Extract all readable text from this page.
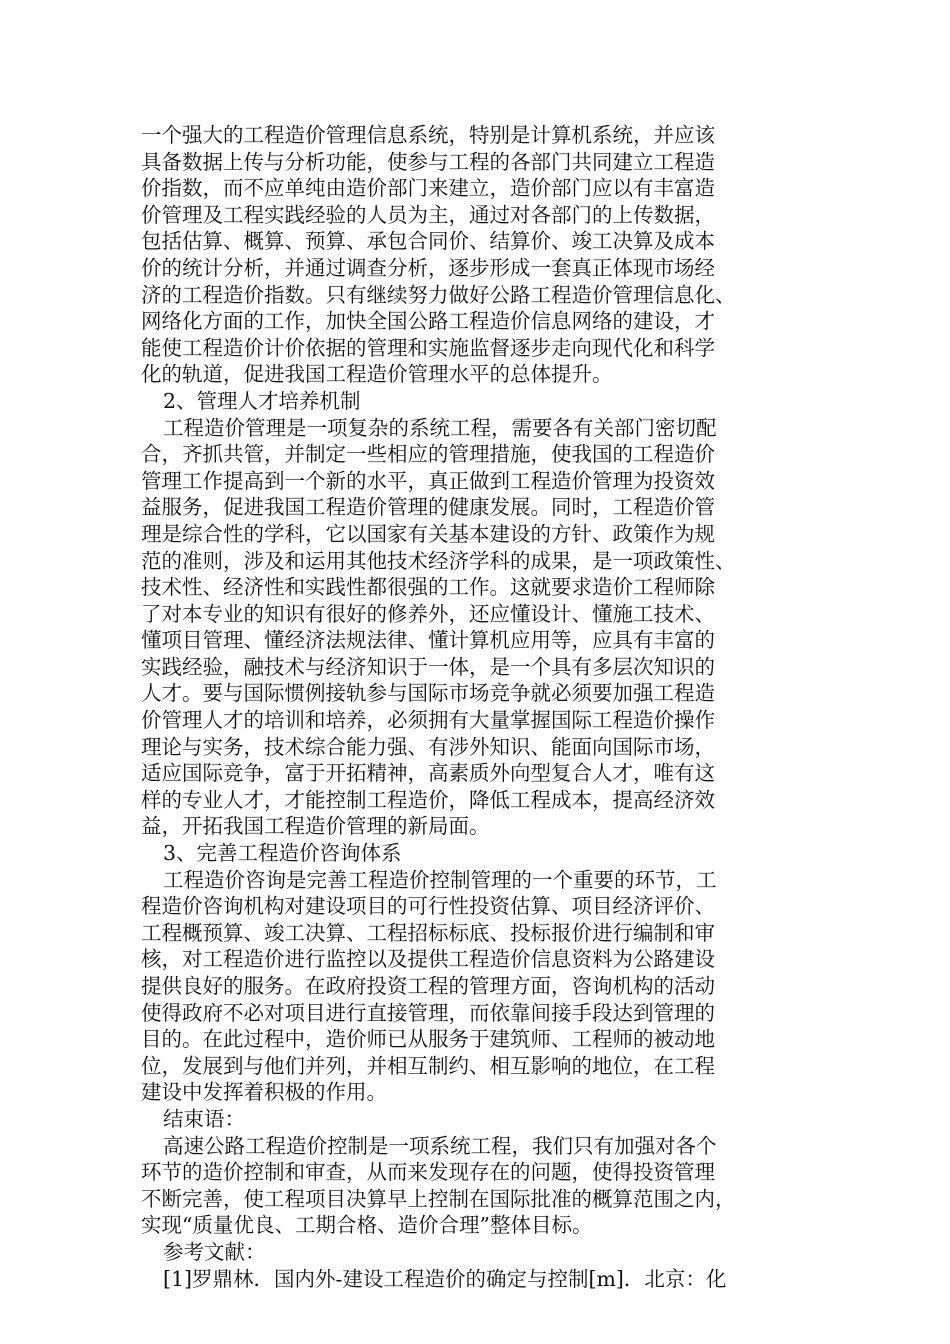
一个强大的工程造价管理信息系统，特别是计算机系统，并应该
具备数据上传与分析功能，使参与工程的各部门共同建立工程造
价指数，而不应单纯由造价部门来建立，造价部门应以有丰富造
价管理及工程实践经验的人员为主，通过对各部门的上传数据，
包括估算、概算、预算、承包合同价、结算价、竣工决算及成本
价的统计分析，并通过调查分析，逐步形成一套真正体现市场经
济的工程造价指数。只有继续努力做好公路工程造价管理信息化、
网络化方面的工作，加快全国公路工程造价信息网络的建设，才
能使工程造价计价依据的管理和实施监督逐步走向现代化和科学
化的轨道，促进我国工程造价管理水平的总体提升。
2、管理人才培养机制
工程造价管理是一项复杂的系统工程，需要各有关部门密切配
合，齐抓共管，并制定一些相应的管理措施，使我国的工程造价
管理工作提高到一个新的水平，真正做到工程造价管理为投资效
益服务，促进我国工程造价管理的健康发展。同时，工程造价管
理是综合性的学科，它以国家有关基本建设的方针、政策作为规
范的准则，涉及和运用其他技术经济学科的成果，是一项政策性、
技术性、经济性和实践性都很强的工作。这就要求造价工程师除
了对本专业的知识有很好的修养外，还应懂设计、懂施工技术、
懂项目管理、懂经济法规法律、懂计算机应用等，应具有丰富的
实践经验，融技术与经济知识于一体，是一个具有多层次知识的
人才。要与国际惯例接轨参与国际市场竞争就必须要加强工程造
价管理人才的培训和培养，必须拥有大量掌握国际工程造价操作
理论与实务，技术综合能力强、有涉外知识、能面向国际市场，
适应国际竞争，富于开拓精神，高素质外向型复合人才，唯有这
样的专业人才，才能控制工程造价，降低工程成本，提高经济效
益，开拓我国工程造价管理的新局面。
3、完善工程造价咨询体系
工程造价咨询是完善工程造价控制管理的一个重要的环节，工
程造价咨询机构对建设项目的可行性投资估算、项目经济评价、
工程概预算、竣工决算、工程招标标底、投标报价进行编制和审
核，对工程造价进行监控以及提供工程造价信息资料为公路建设
提供良好的服务。在政府投资工程的管理方面，咨询机构的活动
使得政府不必对项目进行直接管理，而依靠间接手段达到管理的
目的。在此过程中，造价师已从服务于建筑师、工程师的被动地
位，发展到与他们并列，并相互制约、相互影响的地位，在工程
建设中发挥着积极的作用。
结束语：
高速公路工程造价控制是一项系统工程，我们只有加强对各个
环节的造价控制和审查，从而来发现存在的问题，使得投资管理
不断完善，使工程项目决算早上控制在国际批准的概算范围之内，
实现“质量优良、工期合格、造价合理”整体目标。
参考文献：
[1]罗鼎林．国内外-建设工程造价的确定与控制[m]．北京：化
